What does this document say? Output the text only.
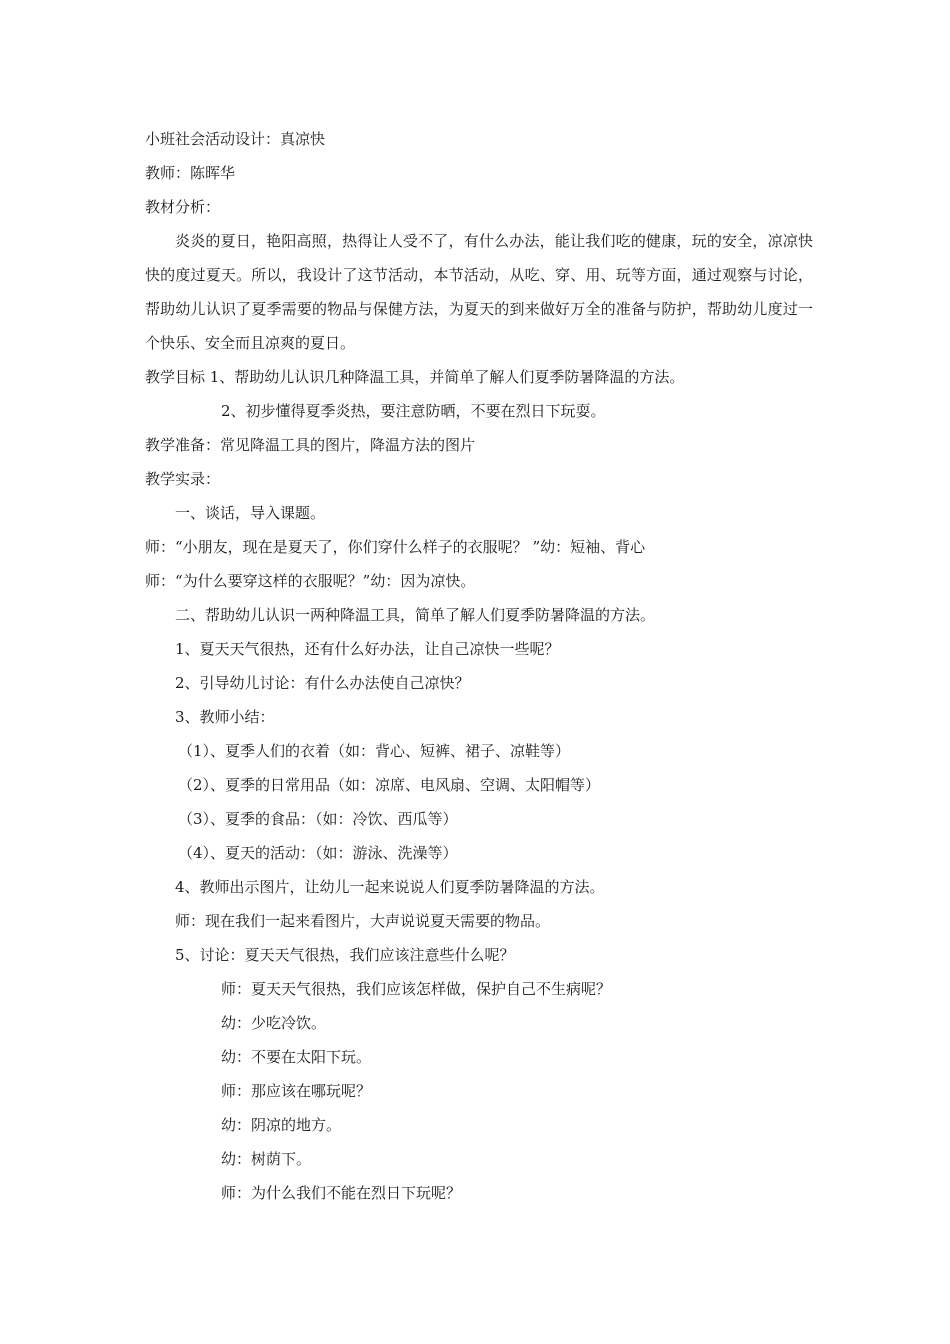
小班社会活动设计：真凉快
教师：陈晖华
教材分析：
炎炎的夏日，艳阳高照，热得让人受不了，有什么办法，能让我们吃的健康，玩的安全，凉凉快快的度过夏天。所以，我设计了这节活动，本节活动，从吃、穿、用、玩等方面，通过观察与讨论，帮助幼儿认识了夏季需要的物品与保健方法，为夏天的到来做好万全的准备与防护，帮助幼儿度过一个快乐、安全而且凉爽的夏日。
教学目标 1、帮助幼儿认识几种降温工具，并简单了解人们夏季防暑降温的方法。
2、初步懂得夏季炎热，要注意防晒，不要在烈日下玩耍。
教学准备：常见降温工具的图片，降温方法的图片
教学实录：
一、谈话，导入课题。
师：“小朋友，现在是夏天了，你们穿什么样子的衣服呢？ ”幼：短袖、背心
师：“为什么要穿这样的衣服呢？”幼：因为凉快。
二、帮助幼儿认识一两种降温工具，简单了解人们夏季防暑降温的方法。
1、夏天天气很热，还有什么好办法，让自己凉快一些呢？
2、引导幼儿讨论：有什么办法使自己凉快？
3、教师小结：
（1）、夏季人们的衣着（如：背心、短裤、裙子、凉鞋等）
（2）、夏季的日常用品（如：凉席、电风扇、空调、太阳帽等）
（3）、夏季的食品：（如：冷饮、西瓜等）
（4）、夏天的活动：（如：游泳、洗澡等）
4、教师出示图片，让幼儿一起来说说人们夏季防暑降温的方法。
师：现在我们一起来看图片，大声说说夏天需要的物品。
5、讨论：夏天天气很热，我们应该注意些什么呢？
师：夏天天气很热，我们应该怎样做，保护自己不生病呢？
幼：少吃冷饮。
幼：不要在太阳下玩。
师：那应该在哪玩呢？
幼：阴凉的地方。
幼：树荫下。
师：为什么我们不能在烈日下玩呢？
